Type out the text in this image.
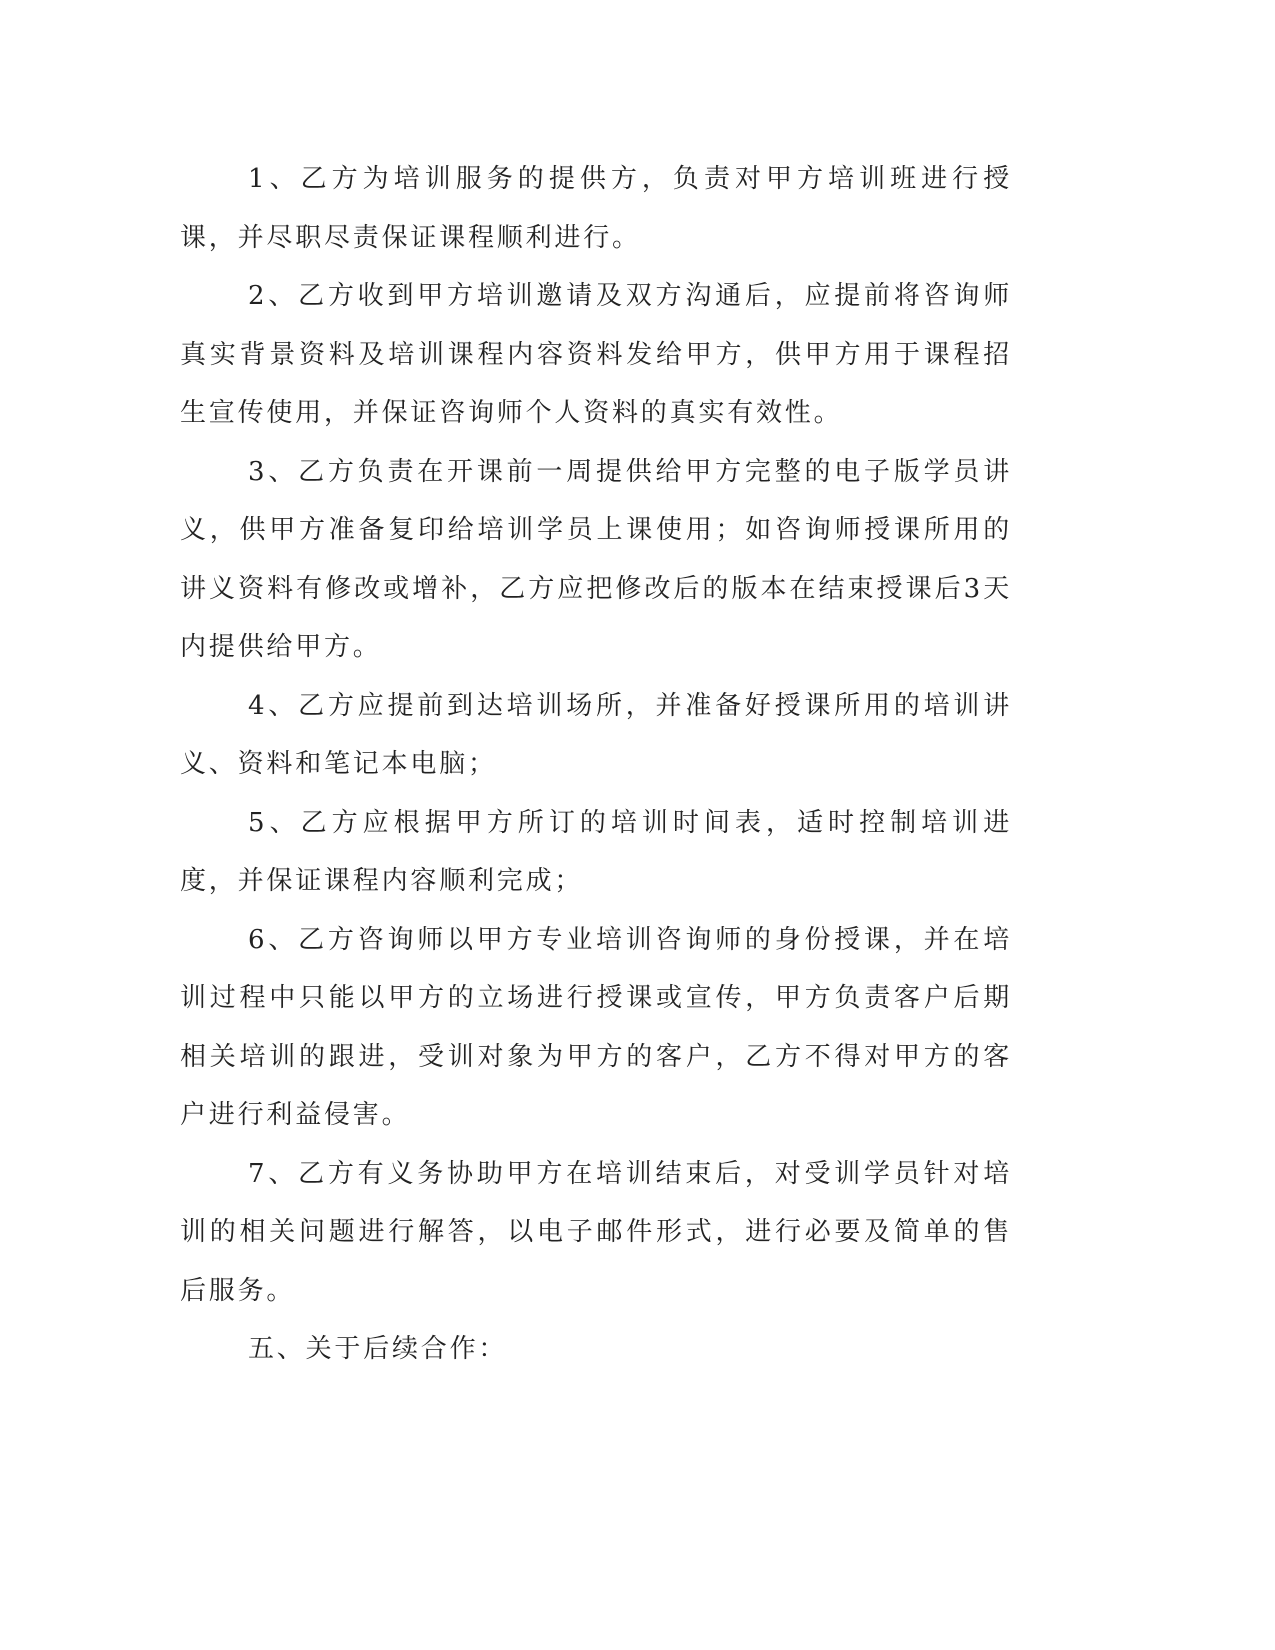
1、乙方为培训服务的提供方，负责对甲方培训班进行授课，并尽职尽责保证课程顺利进行。

2、乙方收到甲方培训邀请及双方沟通后，应提前将咨询师真实背景资料及培训课程内容资料发给甲方，供甲方用于课程招生宣传使用，并保证咨询师个人资料的真实有效性。

3、乙方负责在开课前一周提供给甲方完整的电子版学员讲义，供甲方准备复印给培训学员上课使用；如咨询师授课所用的讲义资料有修改或增补，乙方应把修改后的版本在结束授课后3天内提供给甲方。

4、乙方应提前到达培训场所，并准备好授课所用的培训讲义、资料和笔记本电脑；

5、乙方应根据甲方所订的培训时间表，适时控制培训进度，并保证课程内容顺利完成；

6、乙方咨询师以甲方专业培训咨询师的身份授课，并在培训过程中只能以甲方的立场进行授课或宣传，甲方负责客户后期相关培训的跟进，受训对象为甲方的客户，乙方不得对甲方的客户进行利益侵害。

7、乙方有义务协助甲方在培训结束后，对受训学员针对培训的相关问题进行解答，以电子邮件形式，进行必要及简单的售后服务。

五、关于后续合作：
